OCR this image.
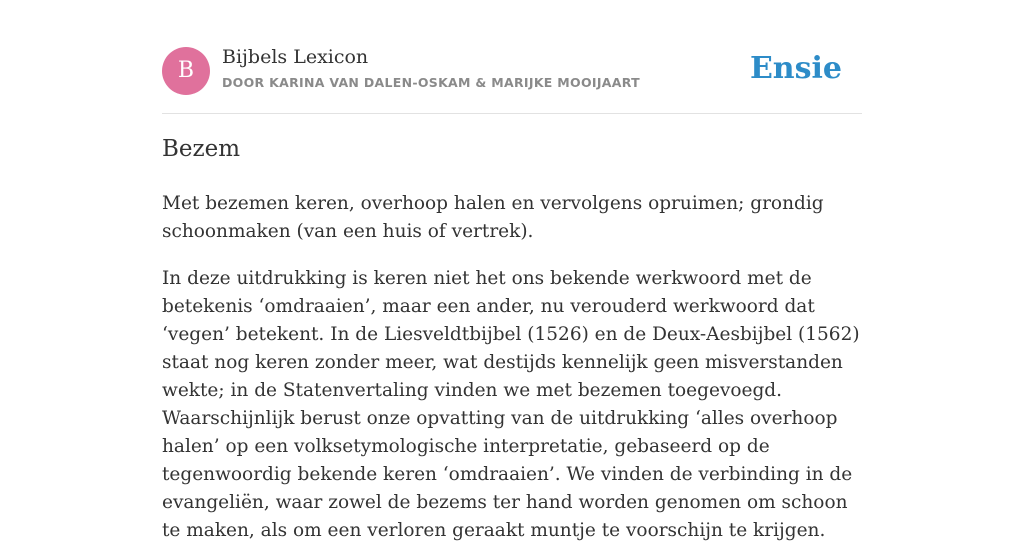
B
Bijbels Lexicon
DOOR KARINA VAN DALEN-OSKAM & MARIJKE MOOIJAART	Ensie
Bezem

Met bezemen keren, overhoop halen en vervolgens opruimen; grondig schoonmaken (van een huis of vertrek).

In deze uitdrukking is keren niet het ons bekende werkwoord met de betekenis ‘omdraaien’, maar een ander, nu verouderd werkwoord dat ‘vegen’ betekent. In de Liesveldtbijbel (1526) en de Deux-Aesbijbel (1562) staat nog keren zonder meer, wat destijds kennelijk geen misverstanden wekte; in de Statenvertaling vinden we met bezemen toegevoegd. Waarschijnlijk berust onze opvatting van de uitdrukking ‘alles overhoop halen’ op een volksetymologische interpretatie, gebaseerd op de tegenwoordig bekende keren ‘omdraaien’. We vinden de verbinding in de evangeliën, waar zowel de bezems ter hand worden genomen om schoon te maken, als om een verloren geraakt muntje te voorschijn te krijgen.
